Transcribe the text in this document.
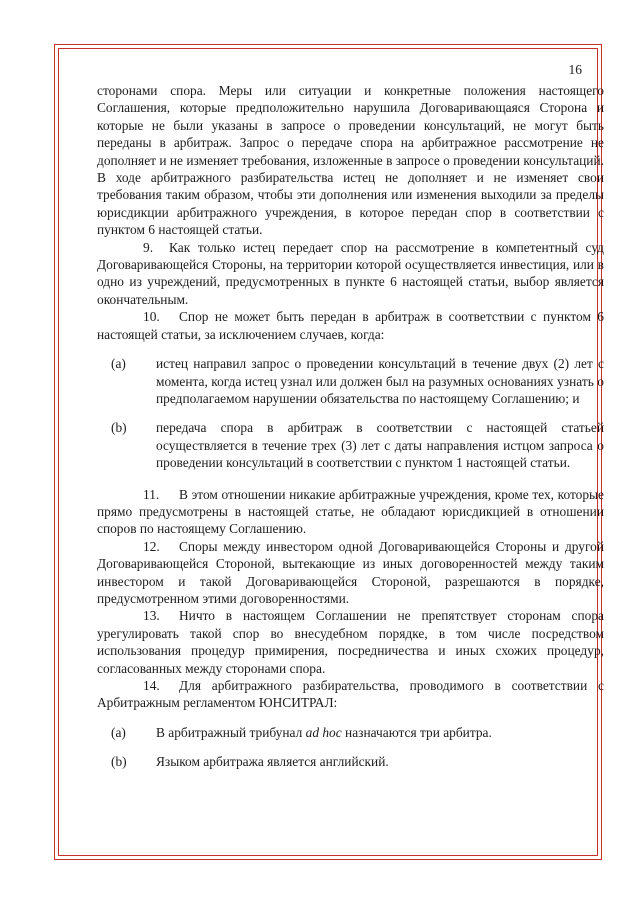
16

сторонами спора. Меры или ситуации и конкретные положения настоящего Соглашения, которые предположительно нарушила Договаривающаяся Сторона и которые не были указаны в запросе о проведении консультаций, не могут быть переданы в арбитраж. Запрос о передаче спора на арбитражное рассмотрение не дополняет и не изменяет требования, изложенные в запросе о проведении консультаций. В ходе арбитражного разбирательства истец не дополняет и не изменяет свои требования таким образом, чтобы эти дополнения или изменения выходили за пределы юрисдикции арбитражного учреждения, в которое передан спор в соответствии с пунктом 6 настоящей статьи.

9. Как только истец передает спор на рассмотрение в компетентный суд Договаривающейся Стороны, на территории которой осуществляется инвестиция, или в одно из учреждений, предусмотренных в пункте 6 настоящей статьи, выбор является окончательным.

10. Спор не может быть передан в арбитраж в соответствии с пунктом 6 настоящей статьи, за исключением случаев, когда:

(a)	истец направил запрос о проведении консультаций в течение двух (2) лет с момента, когда истец узнал или должен был на разумных основаниях узнать о предполагаемом нарушении обязательства по настоящему Соглашению; и
(b)	передача спора в арбитраж в соответствии с настоящей статьей осуществляется в течение трех (3) лет с даты направления истцом запроса о проведении консультаций в соответствии с пунктом 1 настоящей статьи.

11. В этом отношении никакие арбитражные учреждения, кроме тех, которые прямо предусмотрены в настоящей статье, не обладают юрисдикцией в отношении споров по настоящему Соглашению.

12. Споры между инвестором одной Договаривающейся Стороны и другой Договаривающейся Стороной, вытекающие из иных договоренностей между таким инвестором и такой Договаривающейся Стороной, разрешаются в порядке, предусмотренном этими договоренностями.

13. Ничто в настоящем Соглашении не препятствует сторонам спора урегулировать такой спор во внесудебном порядке, в том числе посредством использования процедур примирения, посредничества и иных схожих процедур, согласованных между сторонами спора.

14. Для арбитражного разбирательства, проводимого в соответствии с Арбитражным регламентом ЮНСИТРАЛ:

(a)	В арбитражный трибунал ad hoc назначаются три арбитра.
(b)	Языком арбитража является английский.
